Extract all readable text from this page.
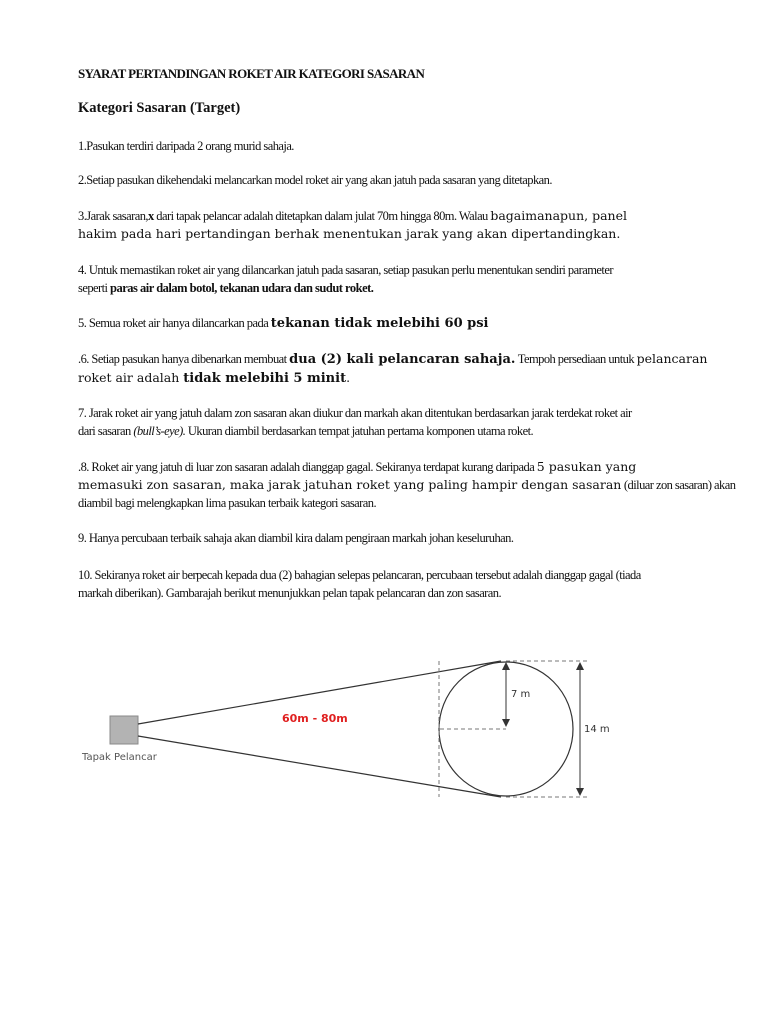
SYARAT PERTANDINGAN ROKET AIR KATEGORI SASARAN
Kategori Sasaran (Target)
1.Pasukan terdiri daripada 2 orang murid sahaja.
2.Setiap pasukan dikehendaki melancarkan model roket air yang akan jatuh pada sasaran yang ditetapkan.
3.Jarak sasaran,x dari tapak pelancar adalah ditetapkan dalam julat 70m hingga 80m. Walau bagaimanapun, panel
hakim pada hari pertandingan berhak menentukan jarak yang akan dipertandingkan.
4. Untuk memastikan roket air yang dilancarkan jatuh pada sasaran, setiap pasukan perlu menentukan sendiri parameter
seperti paras air dalam botol, tekanan udara dan sudut roket.
5. Semua roket air hanya dilancarkan pada tekanan tidak melebihi 60 psi
.6. Setiap pasukan hanya dibenarkan membuat dua (2) kali pelancaran sahaja. Tempoh persediaan untuk pelancaran
roket air adalah tidak melebihi 5 minit.
7. Jarak roket air yang jatuh dalam zon sasaran akan diukur dan markah akan ditentukan berdasarkan jarak terdekat roket air
dari sasaran (bull’s-eye). Ukuran diambil berdasarkan tempat jatuhan pertama komponen utama roket.
.8. Roket air yang jatuh di luar zon sasaran adalah dianggap gagal. Sekiranya terdapat kurang daripada 5 pasukan yang
memasuki zon sasaran, maka jarak jatuhan roket yang paling hampir dengan sasaran (diluar zon sasaran) akan
diambil bagi melengkapkan lima pasukan terbaik kategori sasaran.
9. Hanya percubaan terbaik sahaja akan diambil kira dalam pengiraan markah johan keseluruhan.
10. Sekiranya roket air berpecah kepada dua (2) bahagian selepas pelancaran, percubaan tersebut adalah dianggap gagal (tiada
markah diberikan). Gambarajah berikut menunjukkan pelan tapak pelancaran dan zon sasaran.
60m - 80m
7 m
14 m
Tapak Pelancar
